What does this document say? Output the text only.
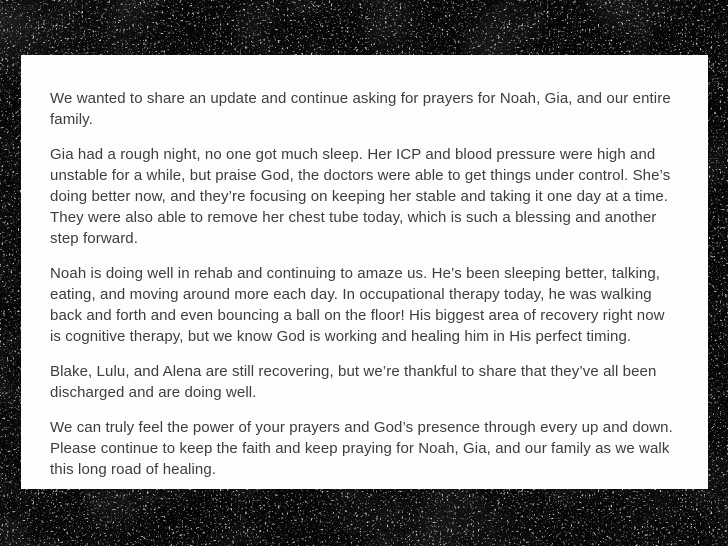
We wanted to share an update and continue asking for prayers for Noah, Gia, and our entire family.

Gia had a rough night, no one got much sleep. Her ICP and blood pressure were high and unstable for a while, but praise God, the doctors were able to get things under control. She’s doing better now, and they’re focusing on keeping her stable and taking it one day at a time. They were also able to remove her chest tube today, which is such a blessing and another step forward.

Noah is doing well in rehab and continuing to amaze us. He’s been sleeping better, talking, eating, and moving around more each day. In occupational therapy today, he was walking back and forth and even bouncing a ball on the floor! His biggest area of recovery right now is cognitive therapy, but we know God is working and healing him in His perfect timing.

Blake, Lulu, and Alena are still recovering, but we’re thankful to share that they’ve all been discharged and are doing well.

We can truly feel the power of your prayers and God’s presence through every up and down. Please continue to keep the faith and keep praying for Noah, Gia, and our family as we walk this long road of healing.
